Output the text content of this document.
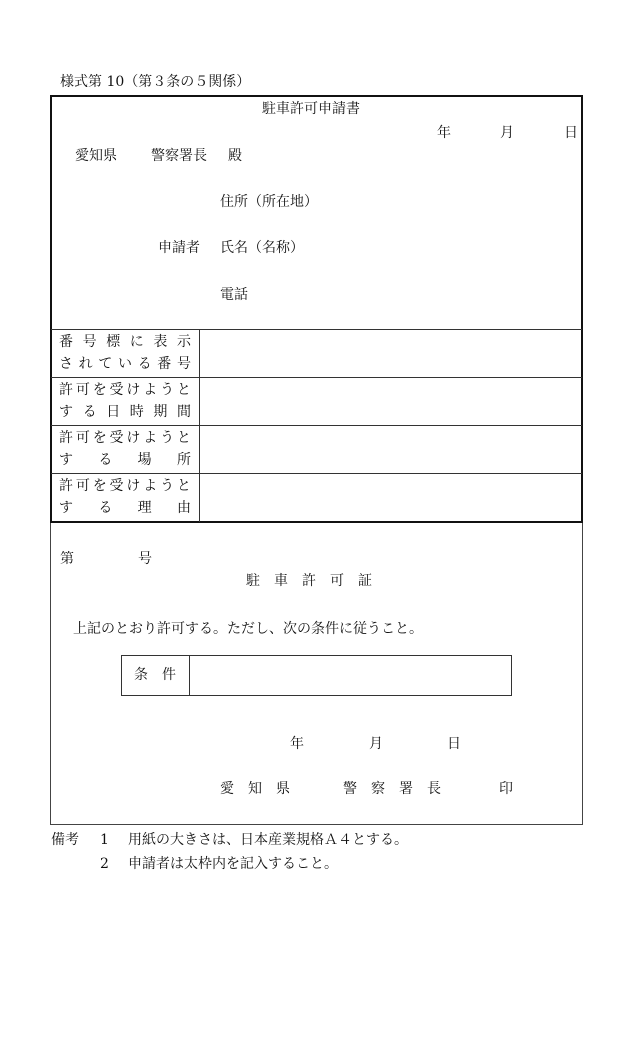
様式第 10（第３条の５関係）
駐車許可申請書
年	月	日
愛知県 警察署長 殿
住所（所在地）
申請者 氏名（名称）
電話
番 号 標 に 表 示
さ れ て い る 番 号
許 可 を 受 け よ う と
す る 日 時 期 間
許 可 を 受 け よ う と
す る 場 所
許 可 を 受 け よ う と
す る 理 由
第	号
駐　車　許　可　証
上記のとおり許可する。ただし、次の条件に従うこと。
条　件
年	月	日
愛　知　県	警　察　署　長	印
備考 1 用紙の大きさは、日本産業規格Ａ４とする。
2 申請者は太枠内を記入すること。
